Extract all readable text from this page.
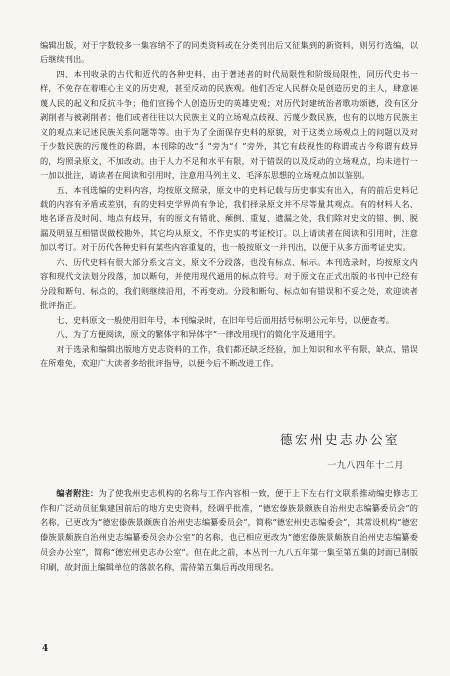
编辑出版，对于字数较多一集容纳不了的同类资料或在分类刊出后又征集到的新资料，则另行选编，以后继续刊出。

四、本刊收录的古代和近代的各种史料，由于著述者的时代局限性和阶级局限性，同历代史书一样，不免存在着唯心主义的历史观，甚至反动的民族观。他们否定人民群众是创造历史的主人，肆意诬蔑人民的起义和反抗斗争；他们宣扬个人创造历史的英雄史观；对历代封建统治者歌功颂德，没有区分剥削者与被剥削者；他们或者往往以大民族主义的立场观点歧视、污蔑少数民族，也有的以地方民族主义的观点来记述民族关系问题等等。由于为了全面保存史料的原貌，对于这类立场观点上的问题以及对于少数民族的污蔑性的称谓，本刊除的改“犭”旁为“亻”旁外，其它有歧视性的称谓或古今称谓有歧异的，均照录原文，不加改动。由于人力不足和水平有限，对于错误的以及反动的立场观点，均未进行一一加以批注，请读者在阅读和引用时，注意用马列主义、毛泽东思想的立场观点加以鉴别。

五、本刊选编的史料内容，均按原文照录，原文中的史料记载与历史事实有出入，有的前后史料记载的内容有矛盾或差别，有的史料史学界尚有争论，我们择录原文并不尽等量其观点。有的材料人名、地名译音及时间、地点有歧异，有的原文有错讹、颠倒、重复、遗漏之处，我们除对史文的错、倒、脱漏及明显互相错误做校勘外，其它均从原文，不作史实的考证校订。以上请读者在阅读和引用时，注意加以考订。对于历代各种史料有某些内容重复的，也一般按原文一并刊出，以便于从多方面考证史实。

六、历代史料有很大部分系文言文，原文不分段落，也没有标点、标示。本刊选录时，均按原文内容和现代文法划分段落，加以断句，并使用现代通用的标点符号。对于原文在正式出版的书刊中已经有分段和断句、标点的，我们则继续沿用，不再变动。分段和断句、标点如有错误和不妥之处，欢迎读者批评指正。

七、史料原文一般使用旧年号，本刊编录时，在旧年号后面用括号标明公元年号，以便查考。

八、为了方便阅读，原文的繁体字和异体字“一律改用现行的简化字及通用字。

对于选录和编辑出版地方史志资料的工作，我们都还缺乏经验，加上知识和水平有限，缺点、错误在所难免，欢迎广大读者多给批评指导，以便今后不断改进工作。

德宏州史志办公室
一九八四年十二月

编者附注：为了使我州史志机构的名称与工作内容相一致，便于上下左右行文联系推动编史修志工作和广泛动员征集建国前后的地方史史资料，经调乎批准，“德宏傣族景颇族自治州史志编纂委员会”的名称，已更改为“德宏傣族景颇族自治州史志编纂委员会”，简称“德宏州史志编委会”，其常设机构“德宏傣族景颇族自治州史志编纂委员会办公室”的名称，也已相应更改为“德宏傣族景颇族自治州史志编纂委员会办公室”，简称“德宏州史志办公室”。但在此之前，本丛刊一九八五年第一集至第五集的封面已制版印刷，故封面上编辑单位的落款名称，需待第五集后再改用现名。

4
